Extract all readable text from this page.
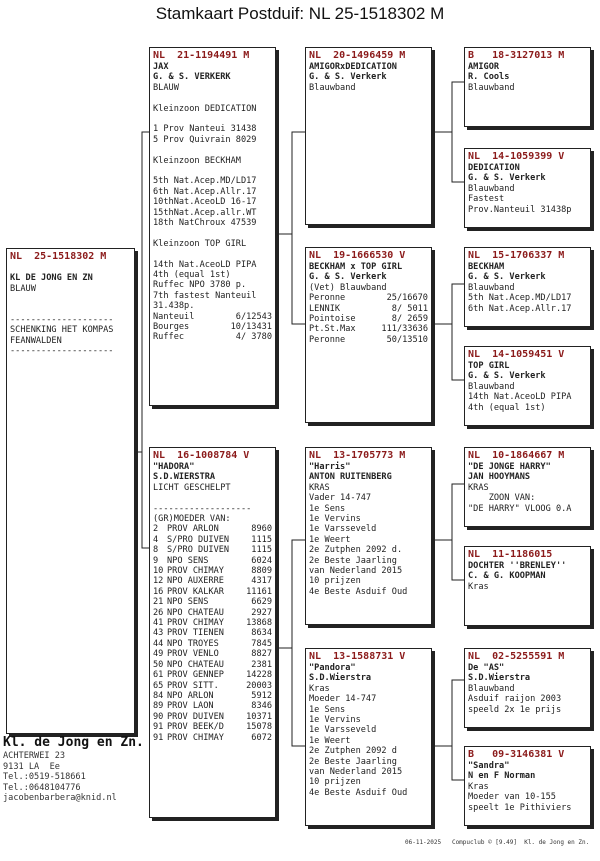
Stamkaart Postduif: NL 25-1518302 M
NL  25-1518302 M
KL DE JONG EN ZN
BLAUW
--------------------
SCHENKING HET KOMPAS
FEANWALDEN
--------------------
NL  21-1194491 M
JAX
G. & S. VERKERK
BLAUW
Kleinzoon DEDICATION
1 Prov Nanteui 31438
5 Prov Quivrain 8029
Kleinzoon BECKHAM
5th Nat.Acep.MD/LD17
6th Nat.Acep.Allr.17
10thNat.AceoLD 16-17
15thNat.Acep.allr.WT
18th NatChroux 47539
Kleinzoon TOP GIRL
14th Nat.AceoLD PIPA
4th (equal 1st)
Ruffec NPO 3780 p.
7th fastest Nanteuil
31.438p.
Nanteuil	6/12543
Bourges	10/13431
Ruffec	4/ 3780
NL  16-1008784 V
"HADORA"
S.D.WIERSTRA
LICHT GESCHELPT
-------------------
(GR)MOEDER VAN:
2	PROV ARLON	8960
4	S/PRO DUIVEN	1115
8	S/PRO DUIVEN	1115
9	NPO SENS	6024
10 PROV CHIMAY	8809
12 NPO AUXERRE	4317
16 PROV KALKAR	11161
21 NPO SENS	6629
26 NPO CHATEAU	2927
41 PROV CHIMAY	13868
43 PROV TIENEN	8634
44 NPO TROYES	7845
49 PROV VENLO	8827
50 NPO CHATEAU	2381
61 PROV GENNEP	14228
65 PROV SITT.	20003
84 NPO ARLON	5912
89 PROV LAON	8346
90 PROV DUIVEN	10371
91 PROV BEEK/D	15078
91 PROV CHIMAY	6072
NL  20-1496459 M
AMIGORxDEDICATION
G. & S. Verkerk
Blauwband
NL  19-1666530 V
BECKHAM x TOP GIRL
G. & S. Verkerk
(Vet) Blauwband
Peronne	25/16670
LENNIK	8/ 5011
Pointoise	8/ 2659
Pt.St.Max	111/33636
Peronne	50/13510
NL  13-1705773 M
"Harris"
ANTON RUITENBERG
KRAS
Vader 14-747
1e Sens
1e Vervins
1e Varsseveld
1e Weert
2e Zutphen 2092 d.
2e Beste Jaarling
van Nederland 2015
10 prijzen
4e Beste Asduif Oud
NL  13-1588731 V
"Pandora"
S.D.Wierstra
Kras
Moeder 14-747
1e Sens
1e Vervins
1e Varsseveld
1e Weert
2e Zutphen 2092 d
2e Beste Jaarling
van Nederland 2015
10 prijzen
4e Beste Asduif Oud
B   18-3127013 M
AMIGOR
R. Cools
Blauwband
NL  14-1059399 V
DEDICATION
G. & S. Verkerk
Blauwband
Fastest
Prov.Nanteuil 31438p
NL  15-1706337 M
BECKHAM
G. & S. Verkerk
Blauwband
5th Nat.Acep.MD/LD17
6th Nat.Acep.Allr.17
NL  14-1059451 V
TOP GIRL
G. & S. Verkerk
Blauwband
14th Nat.AceoLD PIPA
4th (equal 1st)
NL  10-1864667 M
"DE JONGE HARRY"
JAN HOOYMANS
KRAS
ZOON VAN:
"DE HARRY" VLOOG 0.A
NL  11-1186015
DOCHTER ''BRENLEY''
C. & G. KOOPMAN
Kras
NL  02-5255591 M
De "AS"
S.D.Wierstra
Blauwband
Asduif raijon 2003
speeld 2x 1e prijs
B   09-3146381 V
"Sandra"
N en F Norman
Kras
Moeder van 10-155
speelt 1e Pithiviers
Kl. de Jong en Zn.
ACHTERWEI 23
9131 LA  Ee
Tel.:0519-518661
Tel.:0648104776
jacobenbarbera@knid.nl
06-11-2025   Compuclub © [9.49]  Kl. de Jong en Zn.
